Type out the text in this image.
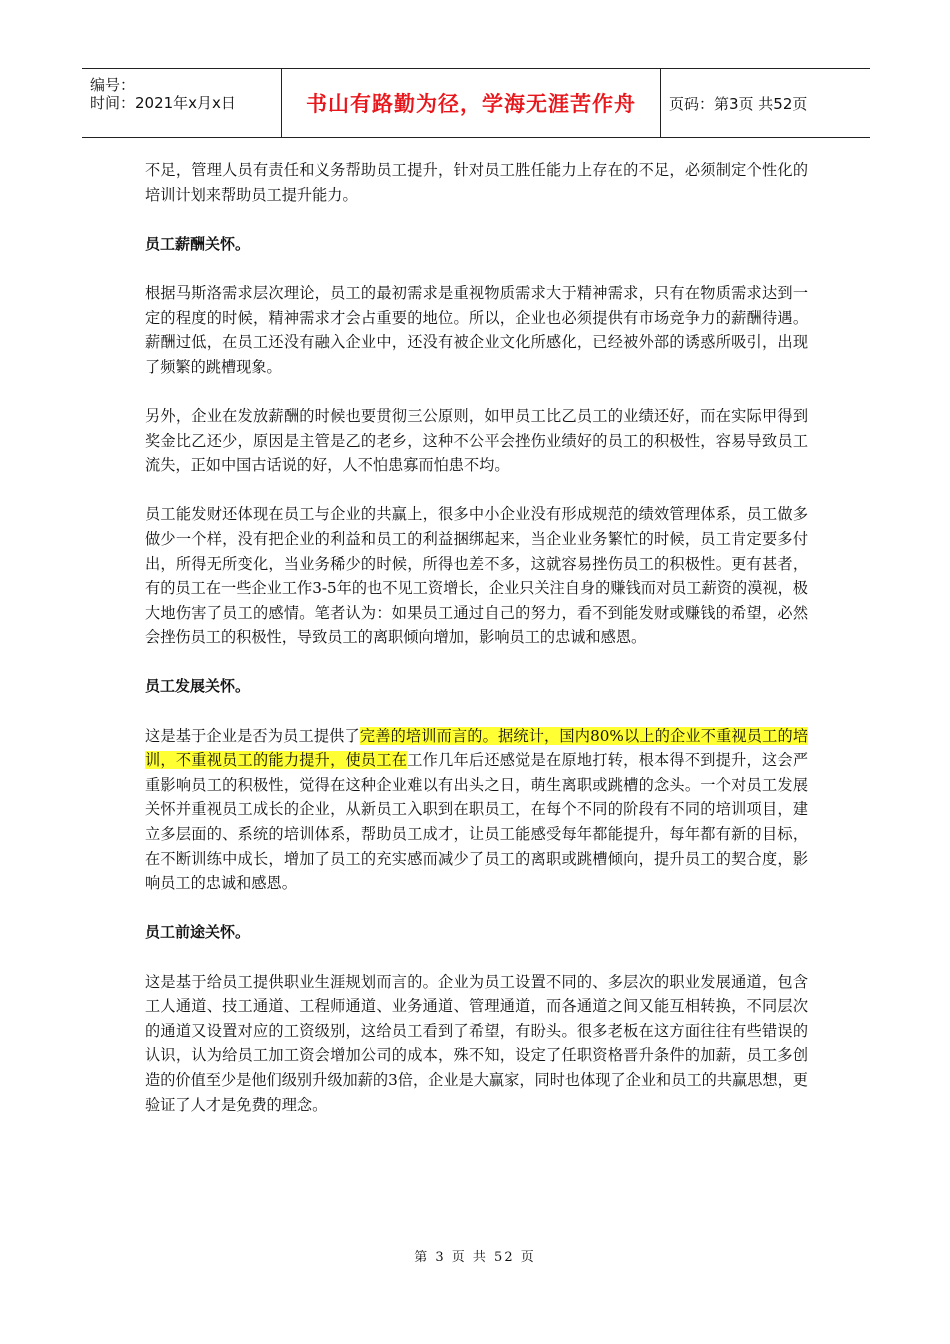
编号：
时间：2021年x月x日	书山有路勤为径，学海无涯苦作舟	页码：第3页 共52页

不足，管理人员有责任和义务帮助员工提升，针对员工胜任能力上存在的不足，必须制定个性化的培训计划来帮助员工提升能力。

员工薪酬关怀。

根据马斯洛需求层次理论，员工的最初需求是重视物质需求大于精神需求，只有在物质需求达到一定的程度的时候，精神需求才会占重要的地位。所以，企业也必须提供有市场竞争力的薪酬待遇。薪酬过低，在员工还没有融入企业中，还没有被企业文化所感化，已经被外部的诱惑所吸引，出现了频繁的跳槽现象。

另外，企业在发放薪酬的时候也要贯彻三公原则，如甲员工比乙员工的业绩还好，而在实际甲得到奖金比乙还少，原因是主管是乙的老乡，这种不公平会挫伤业绩好的员工的积极性，容易导致员工流失，正如中国古话说的好，人不怕患寡而怕患不均。

员工能发财还体现在员工与企业的共赢上，很多中小企业没有形成规范的绩效管理体系，员工做多做少一个样，没有把企业的利益和员工的利益捆绑起来，当企业业务繁忙的时候，员工肯定要多付出，所得无所变化，当业务稀少的时候，所得也差不多，这就容易挫伤员工的积极性。更有甚者，有的员工在一些企业工作3-5年的也不见工资增长，企业只关注自身的赚钱而对员工薪资的漠视，极大地伤害了员工的感情。笔者认为：如果员工通过自己的努力，看不到能发财或赚钱的希望，必然会挫伤员工的积极性，导致员工的离职倾向增加，影响员工的忠诚和感恩。

员工发展关怀。

这是基于企业是否为员工提供了完善的培训而言的。据统计，国内80%以上的企业不重视员工的培训，不重视员工的能力提升，使员工在工作几年后还感觉是在原地打转，根本得不到提升，这会严重影响员工的积极性，觉得在这种企业难以有出头之日，萌生离职或跳槽的念头。一个对员工发展关怀并重视员工成长的企业，从新员工入职到在职员工，在每个不同的阶段有不同的培训项目，建立多层面的、系统的培训体系，帮助员工成才，让员工能感受每年都能提升，每年都有新的目标，在不断训练中成长，增加了员工的充实感而减少了员工的离职或跳槽倾向，提升员工的契合度，影响员工的忠诚和感恩。

员工前途关怀。

这是基于给员工提供职业生涯规划而言的。企业为员工设置不同的、多层次的职业发展通道，包含工人通道、技工通道、工程师通道、业务通道、管理通道，而各通道之间又能互相转换，不同层次的通道又设置对应的工资级别，这给员工看到了希望，有盼头。很多老板在这方面往往有些错误的认识，认为给员工加工资会增加公司的成本，殊不知，设定了任职资格晋升条件的加薪，员工多创造的价值至少是他们级别升级加薪的3倍，企业是大赢家，同时也体现了企业和员工的共赢思想，更验证了人才是免费的理念。

第 3 页 共 52 页
